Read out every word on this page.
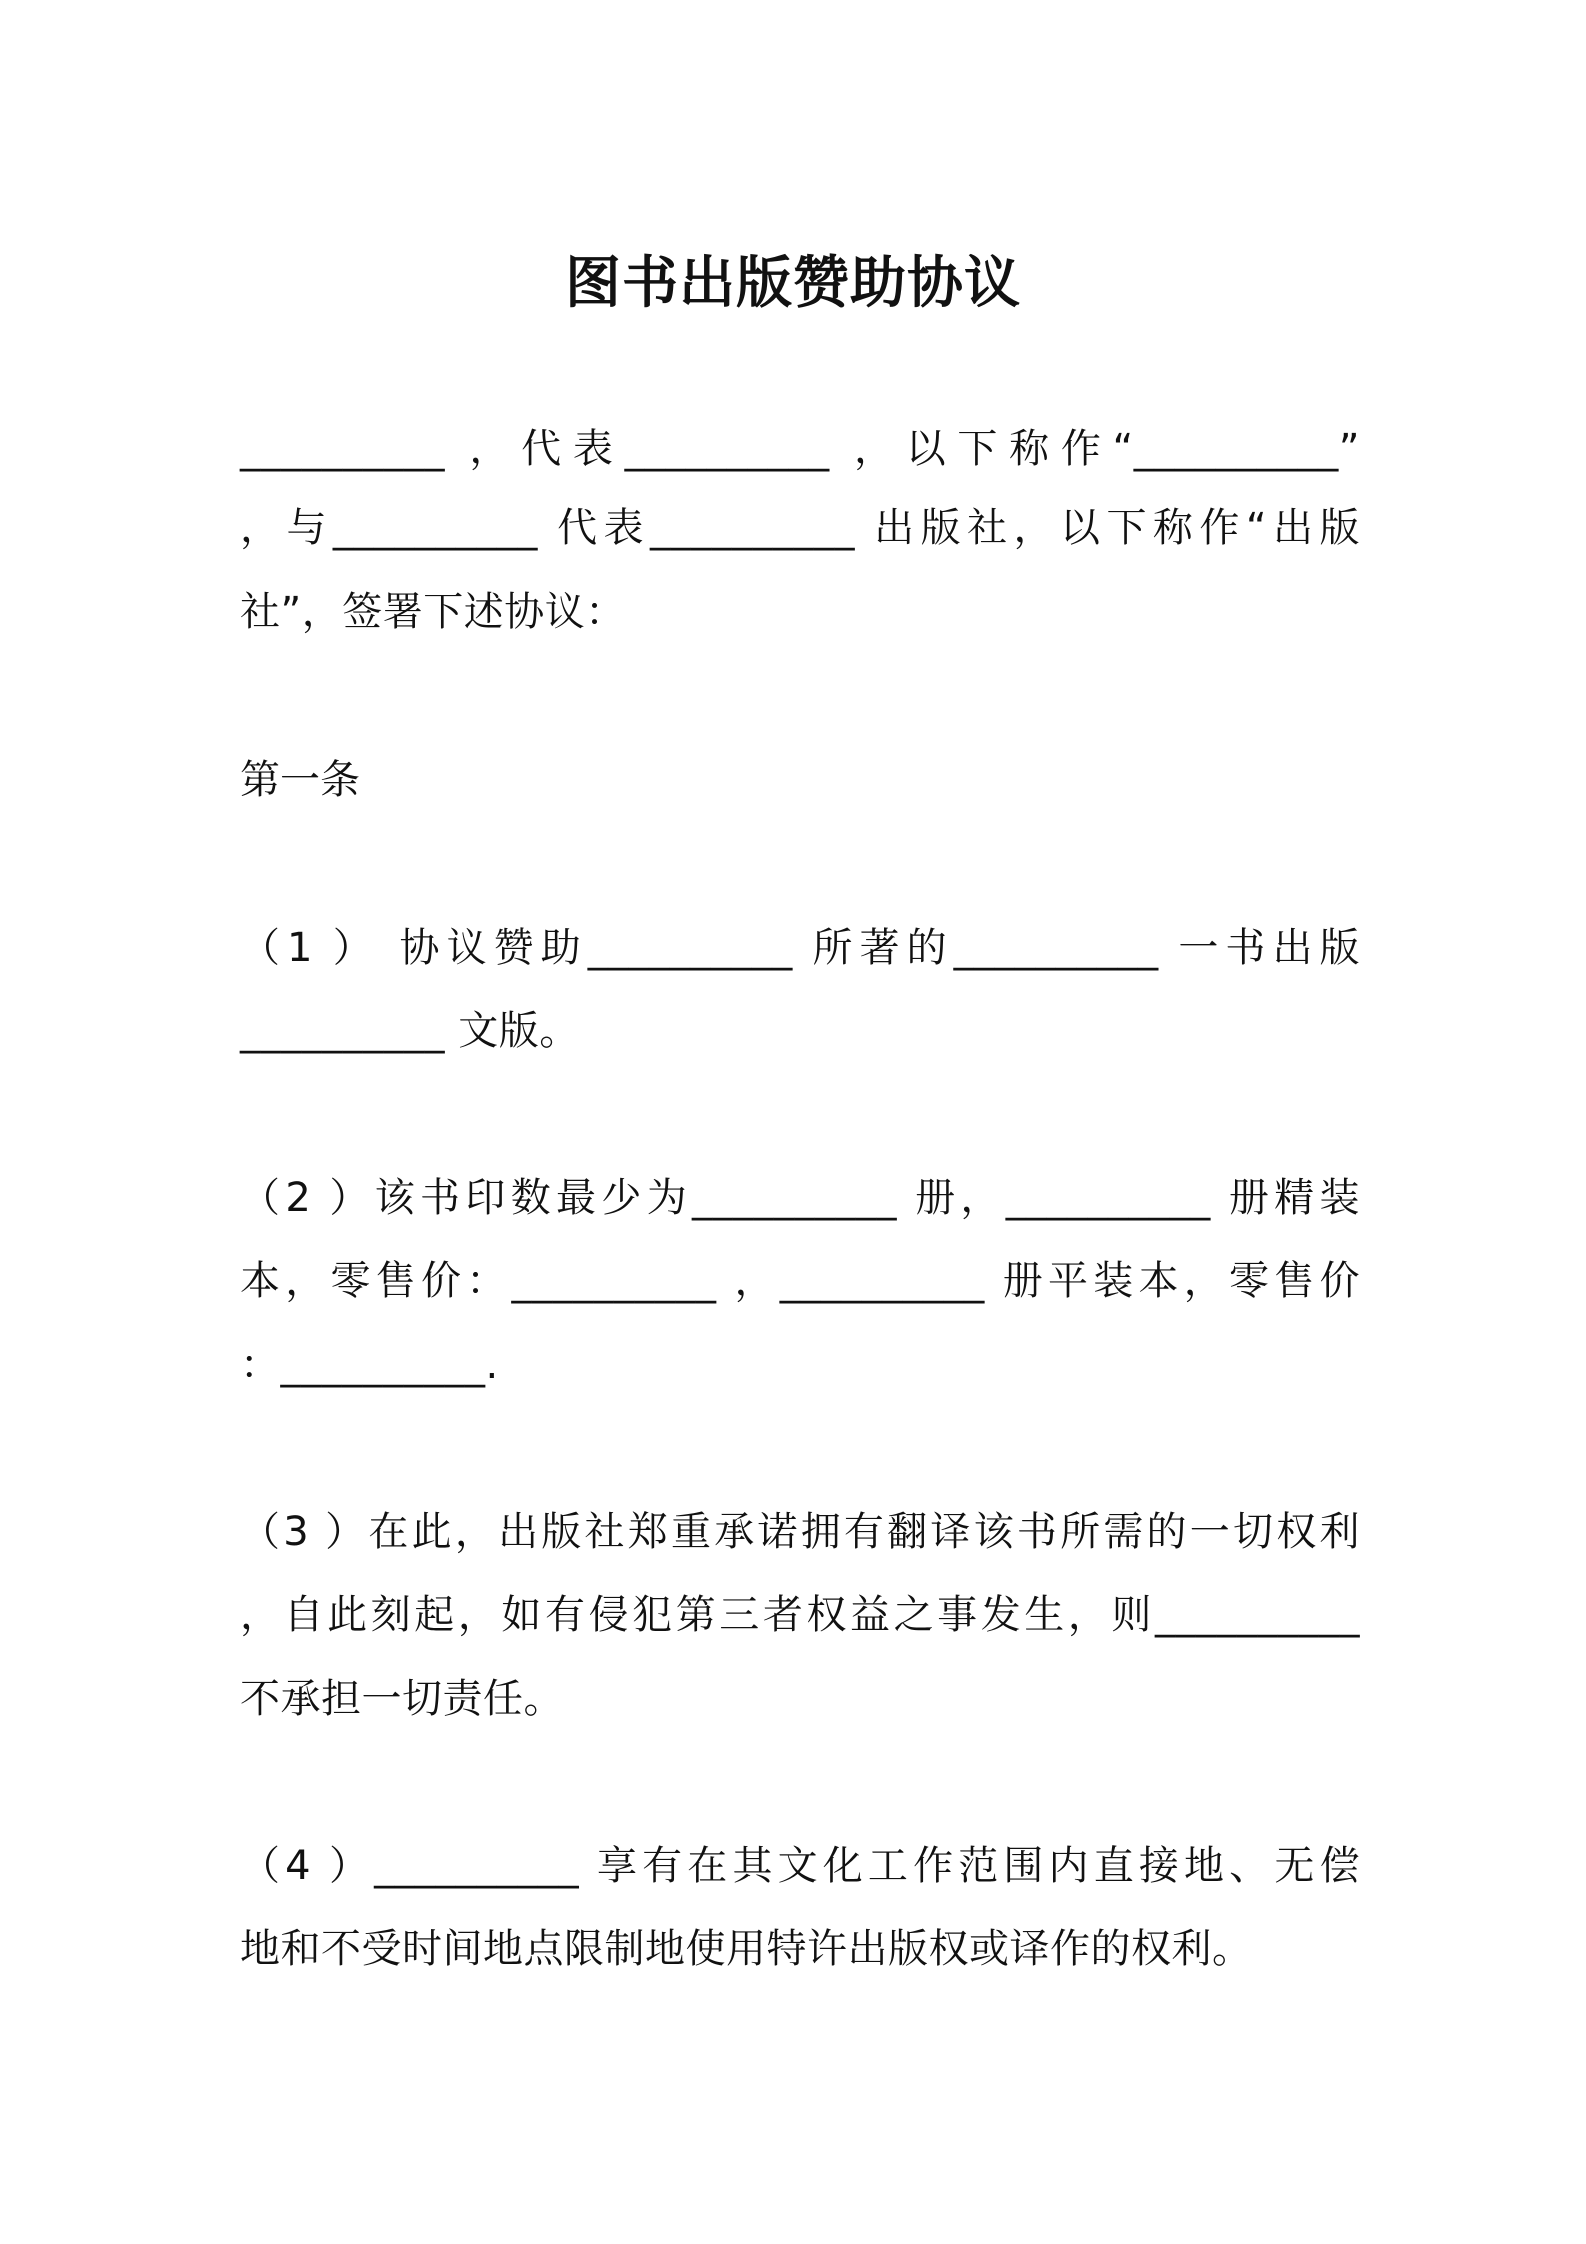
图书出版赞助协议
__________ ，代表__________ ，以下称作“__________”
，与__________ 代表__________ 出版社，以下称作“出版
社”，签署下述协议：
第一条
（1 ） 协议赞助__________ 所著的__________ 一书出版
__________ 文版。
（2 ）该书印数最少为__________ 册，__________ 册精装
本，零售价：__________ ，__________ 册平装本，零售价
：__________.
（3 ）在此，出版社郑重承诺拥有翻译该书所需的一切权利
，自此刻起，如有侵犯第三者权益之事发生，则__________
不承担一切责任。
（4 ）__________ 享有在其文化工作范围内直接地、无偿
地和不受时间地点限制地使用特许出版权或译作的权利。
